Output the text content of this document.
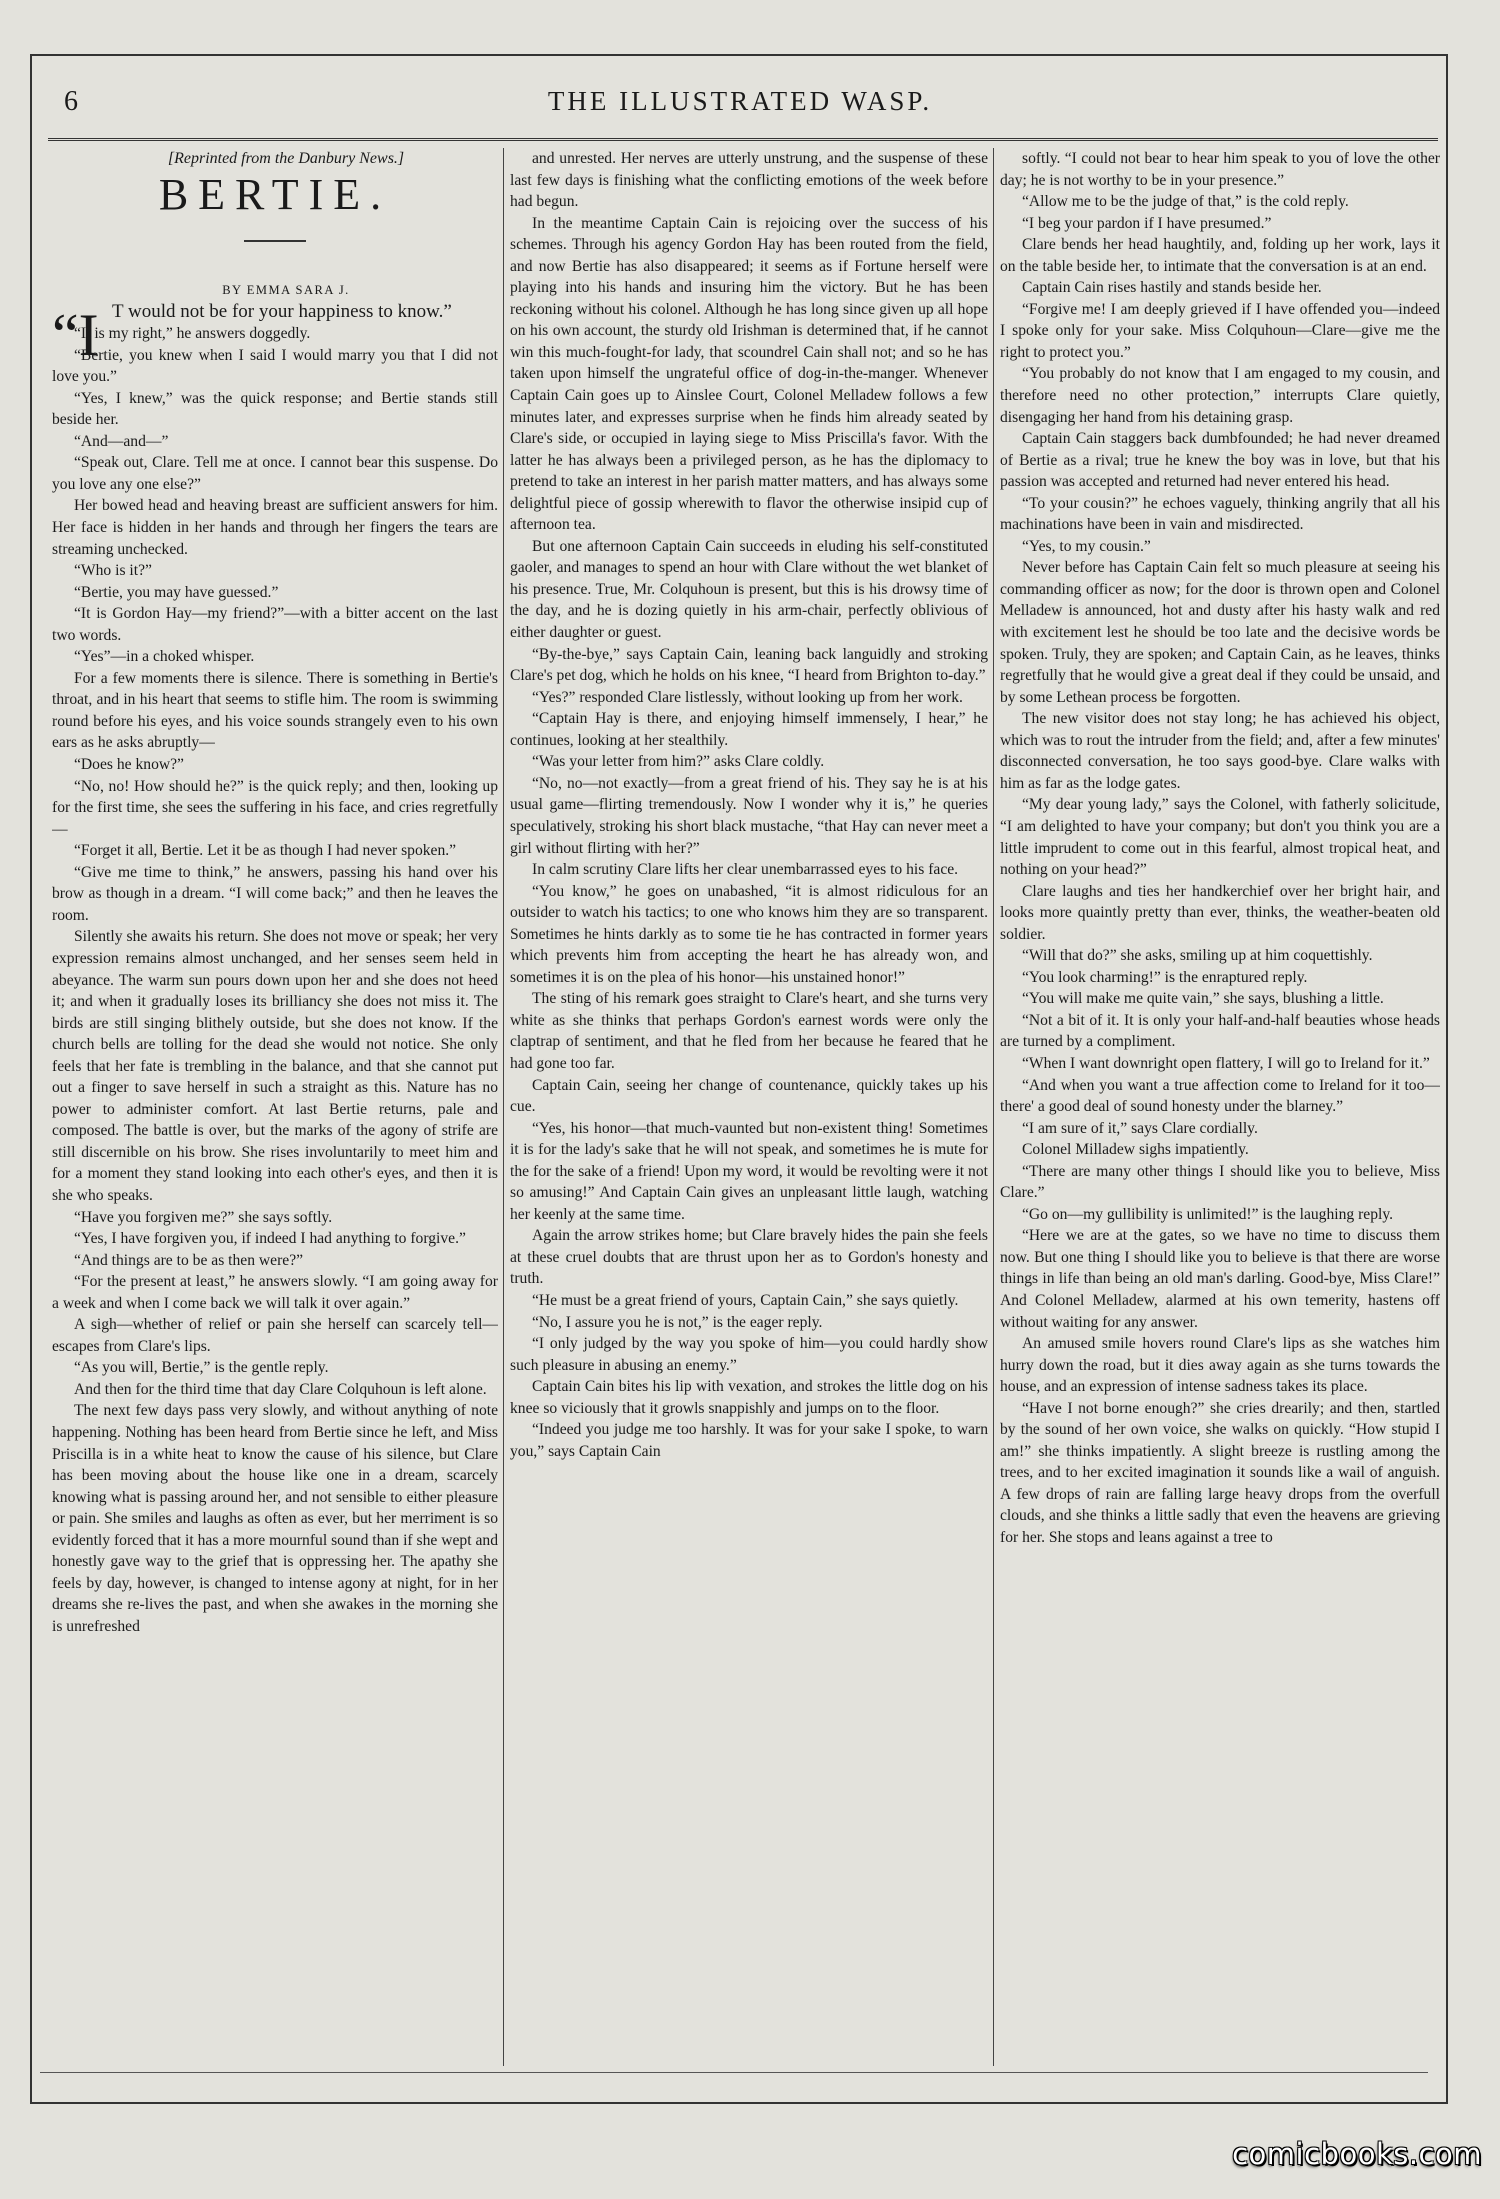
6	THE ILLUSTRATED WASP.

[Reprinted from the Danbury News.]

BERTIE.

BY EMMA SARA J.

“I T would not be for your happiness to know.”

“It is my right,” he answers doggedly.

“Bertie, you knew when I said I would marry you that I did not love you.”

“Yes, I knew,” was the quick response; and Bertie stands still beside her.

“And—and—”

“Speak out, Clare. Tell me at once. I cannot bear this suspense. Do you love any one else?”

Her bowed head and heaving breast are sufficient answers for him. Her face is hidden in her hands and through her fingers the tears are streaming unchecked.

“Who is it?”

“Bertie, you may have guessed.”

“It is Gordon Hay—my friend?”—with a bitter accent on the last two words.

“Yes”—in a choked whisper.

For a few moments there is silence. There is something in Bertie's throat, and in his heart that seems to stifle him. The room is swimming round before his eyes, and his voice sounds strangely even to his own ears as he asks abruptly—

“Does he know?”

“No, no! How should he?” is the quick reply; and then, looking up for the first time, she sees the suffering in his face, and cries regretfully—

“Forget it all, Bertie. Let it be as though I had never spoken.”

“Give me time to think,” he answers, passing his hand over his brow as though in a dream. “I will come back;” and then he leaves the room.

Silently she awaits his return. She does not move or speak; her very expression remains almost unchanged, and her senses seem held in abeyance. The warm sun pours down upon her and she does not heed it; and when it gradually loses its brilliancy she does not miss it. The birds are still singing blithely outside, but she does not know. If the church bells are tolling for the dead she would not notice. She only feels that her fate is trembling in the balance, and that she cannot put out a finger to save herself in such a straight as this. Nature has no power to administer comfort. At last Bertie returns, pale and composed. The battle is over, but the marks of the agony of strife are still discernible on his brow. She rises involuntarily to meet him and for a moment they stand looking into each other's eyes, and then it is she who speaks.

“Have you forgiven me?” she says softly.

“Yes, I have forgiven you, if indeed I had anything to forgive.”

“And things are to be as then were?”

“For the present at least,” he answers slowly. “I am going away for a week and when I come back we will talk it over again.”

A sigh—whether of relief or pain she herself can scarcely tell—escapes from Clare's lips.

“As you will, Bertie,” is the gentle reply.

And then for the third time that day Clare Colquhoun is left alone.

The next few days pass very slowly, and without anything of note happening. Nothing has been heard from Bertie since he left, and Miss Priscilla is in a white heat to know the cause of his silence, but Clare has been moving about the house like one in a dream, scarcely knowing what is passing around her, and not sensible to either pleasure or pain. She smiles and laughs as often as ever, but her merriment is so evidently forced that it has a more mournful sound than if she wept and honestly gave way to the grief that is oppressing her. The apathy she feels by day, however, is changed to intense agony at night, for in her dreams she re-lives the past, and when she awakes in the morning she is unrefreshed

and unrested. Her nerves are utterly unstrung, and the suspense of these last few days is finishing what the conflicting emotions of the week before had begun.

In the meantime Captain Cain is rejoicing over the success of his schemes. Through his agency Gordon Hay has been routed from the field, and now Bertie has also disappeared; it seems as if Fortune herself were playing into his hands and insuring him the victory. But he has been reckoning without his colonel. Although he has long since given up all hope on his own account, the sturdy old Irishman is determined that, if he cannot win this much-fought-for lady, that scoundrel Cain shall not; and so he has taken upon himself the ungrateful office of dog-in-the-manger. Whenever Captain Cain goes up to Ainslee Court, Colonel Melladew follows a few minutes later, and expresses surprise when he finds him already seated by Clare's side, or occupied in laying siege to Miss Priscilla's favor. With the latter he has always been a privileged person, as he has the diplomacy to pretend to take an interest in her parish matter matters, and has always some delightful piece of gossip wherewith to flavor the otherwise insipid cup of afternoon tea.

But one afternoon Captain Cain succeeds in eluding his self-constituted gaoler, and manages to spend an hour with Clare without the wet blanket of his presence. True, Mr. Colquhoun is present, but this is his drowsy time of the day, and he is dozing quietly in his arm-chair, perfectly oblivious of either daughter or guest.

“By-the-bye,” says Captain Cain, leaning back languidly and stroking Clare's pet dog, which he holds on his knee, “I heard from Brighton to-day.”

“Yes?” responded Clare listlessly, without looking up from her work.

“Captain Hay is there, and enjoying himself immensely, I hear,” he continues, looking at her stealthily.

“Was your letter from him?” asks Clare coldly.

“No, no—not exactly—from a great friend of his. They say he is at his usual game—flirting tremendously. Now I wonder why it is,” he queries speculatively, stroking his short black mustache, “that Hay can never meet a girl without flirting with her?”

In calm scrutiny Clare lifts her clear unembarrassed eyes to his face.

“You know,” he goes on unabashed, “it is almost ridiculous for an outsider to watch his tactics; to one who knows him they are so transparent. Sometimes he hints darkly as to some tie he has contracted in former years which prevents him from accepting the heart he has already won, and sometimes it is on the plea of his honor—his unstained honor!”

The sting of his remark goes straight to Clare's heart, and she turns very white as she thinks that perhaps Gordon's earnest words were only the claptrap of sentiment, and that he fled from her because he feared that he had gone too far.

Captain Cain, seeing her change of countenance, quickly takes up his cue.

“Yes, his honor—that much-vaunted but non-existent thing! Sometimes it is for the lady's sake that he will not speak, and sometimes he is mute for the for the sake of a friend! Upon my word, it would be revolting were it not so amusing!” And Captain Cain gives an unpleasant little laugh, watching her keenly at the same time.

Again the arrow strikes home; but Clare bravely hides the pain she feels at these cruel doubts that are thrust upon her as to Gordon's honesty and truth.

“He must be a great friend of yours, Captain Cain,” she says quietly.

“No, I assure you he is not,” is the eager reply.

“I only judged by the way you spoke of him—you could hardly show such pleasure in abusing an enemy.”

Captain Cain bites his lip with vexation, and strokes the little dog on his knee so viciously that it growls snappishly and jumps on to the floor.

“Indeed you judge me too harshly. It was for your sake I spoke, to warn you,” says Captain Cain

softly. “I could not bear to hear him speak to you of love the other day; he is not worthy to be in your presence.”

“Allow me to be the judge of that,” is the cold reply.

“I beg your pardon if I have presumed.”

Clare bends her head haughtily, and, folding up her work, lays it on the table beside her, to intimate that the conversation is at an end.

Captain Cain rises hastily and stands beside her.

“Forgive me! I am deeply grieved if I have offended you—indeed I spoke only for your sake. Miss Colquhoun—Clare—give me the right to protect you.”

“You probably do not know that I am engaged to my cousin, and therefore need no other protection,” interrupts Clare quietly, disengaging her hand from his detaining grasp.

Captain Cain staggers back dumbfounded; he had never dreamed of Bertie as a rival; true he knew the boy was in love, but that his passion was accepted and returned had never entered his head.

“To your cousin?” he echoes vaguely, thinking angrily that all his machinations have been in vain and misdirected.

“Yes, to my cousin.”

Never before has Captain Cain felt so much pleasure at seeing his commanding officer as now; for the door is thrown open and Colonel Melladew is announced, hot and dusty after his hasty walk and red with excitement lest he should be too late and the decisive words be spoken. Truly, they are spoken; and Captain Cain, as he leaves, thinks regretfully that he would give a great deal if they could be unsaid, and by some Lethean process be forgotten.

The new visitor does not stay long; he has achieved his object, which was to rout the intruder from the field; and, after a few minutes' disconnected conversation, he too says good-bye. Clare walks with him as far as the lodge gates.

“My dear young lady,” says the Colonel, with fatherly solicitude, “I am delighted to have your company; but don't you think you are a little imprudent to come out in this fearful, almost tropical heat, and nothing on your head?”

Clare laughs and ties her handkerchief over her bright hair, and looks more quaintly pretty than ever, thinks, the weather-beaten old soldier.

“Will that do?” she asks, smiling up at him coquettishly.

“You look charming!” is the enraptured reply.

“You will make me quite vain,” she says, blushing a little.

“Not a bit of it. It is only your half-and-half beauties whose heads are turned by a compliment.

“When I want downright open flattery, I will go to Ireland for it.”

“And when you want a true affection come to Ireland for it too—there' a good deal of sound honesty under the blarney.”

“I am sure of it,” says Clare cordially.

Colonel Milladew sighs impatiently.

“There are many other things I should like you to believe, Miss Clare.”

“Go on—my gullibility is unlimited!” is the laughing reply.

“Here we are at the gates, so we have no time to discuss them now. But one thing I should like you to believe is that there are worse things in life than being an old man's darling. Good-bye, Miss Clare!” And Colonel Melladew, alarmed at his own temerity, hastens off without waiting for any answer.

An amused smile hovers round Clare's lips as she watches him hurry down the road, but it dies away again as she turns towards the house, and an expression of intense sadness takes its place.

“Have I not borne enough?” she cries drearily; and then, startled by the sound of her own voice, she walks on quickly. “How stupid I am!” she thinks impatiently. A slight breeze is rustling among the trees, and to her excited imagination it sounds like a wail of anguish. A few drops of rain are falling large heavy drops from the overfull clouds, and she thinks a little sadly that even the heavens are grieving for her. She stops and leans against a tree to

comicbooks.com
